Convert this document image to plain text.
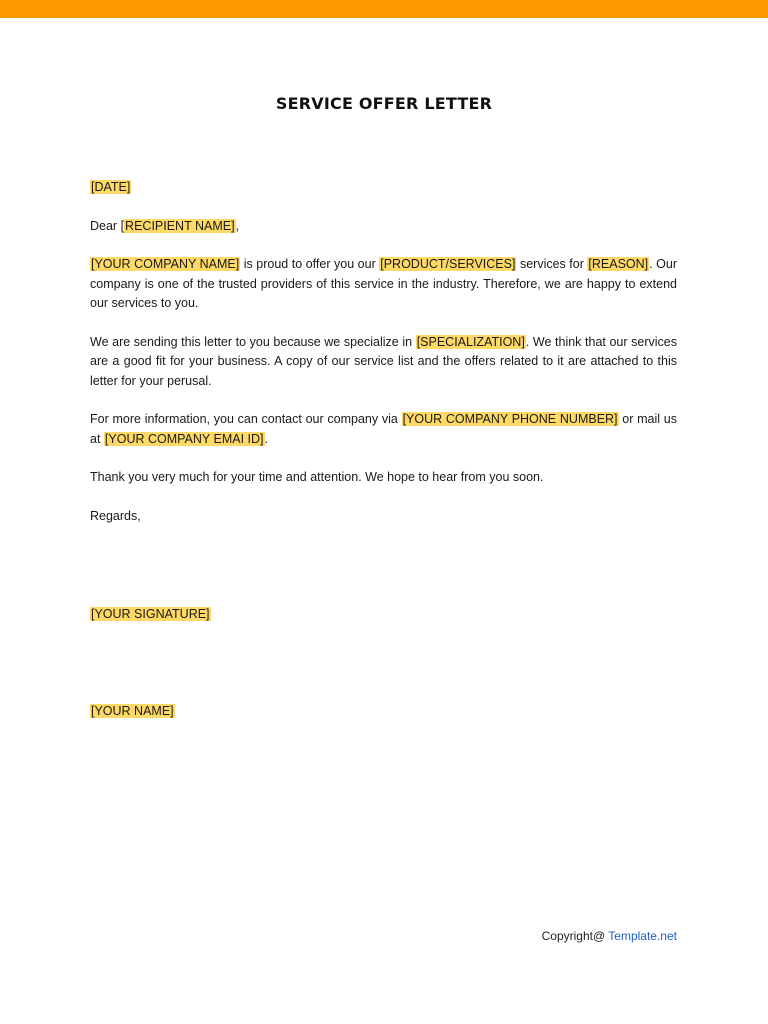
SERVICE OFFER LETTER

[DATE]

Dear [RECIPIENT NAME],

[YOUR COMPANY NAME] is proud to offer you our [PRODUCT/SERVICES] services for [REASON]. Our company is one of the trusted providers of this service in the industry. Therefore, we are happy to extend our services to you.

We are sending this letter to you because we specialize in [SPECIALIZATION]. We think that our services are a good fit for your business. A copy of our service list and the offers related to it are attached to this letter for your perusal.

For more information, you can contact our company via [YOUR COMPANY PHONE NUMBER] or mail us at [YOUR COMPANY EMAI ID].

Thank you very much for your time and attention. We hope to hear from you soon.

Regards,

[YOUR SIGNATURE]
[YOUR NAME]
Copyright@ Template.net
